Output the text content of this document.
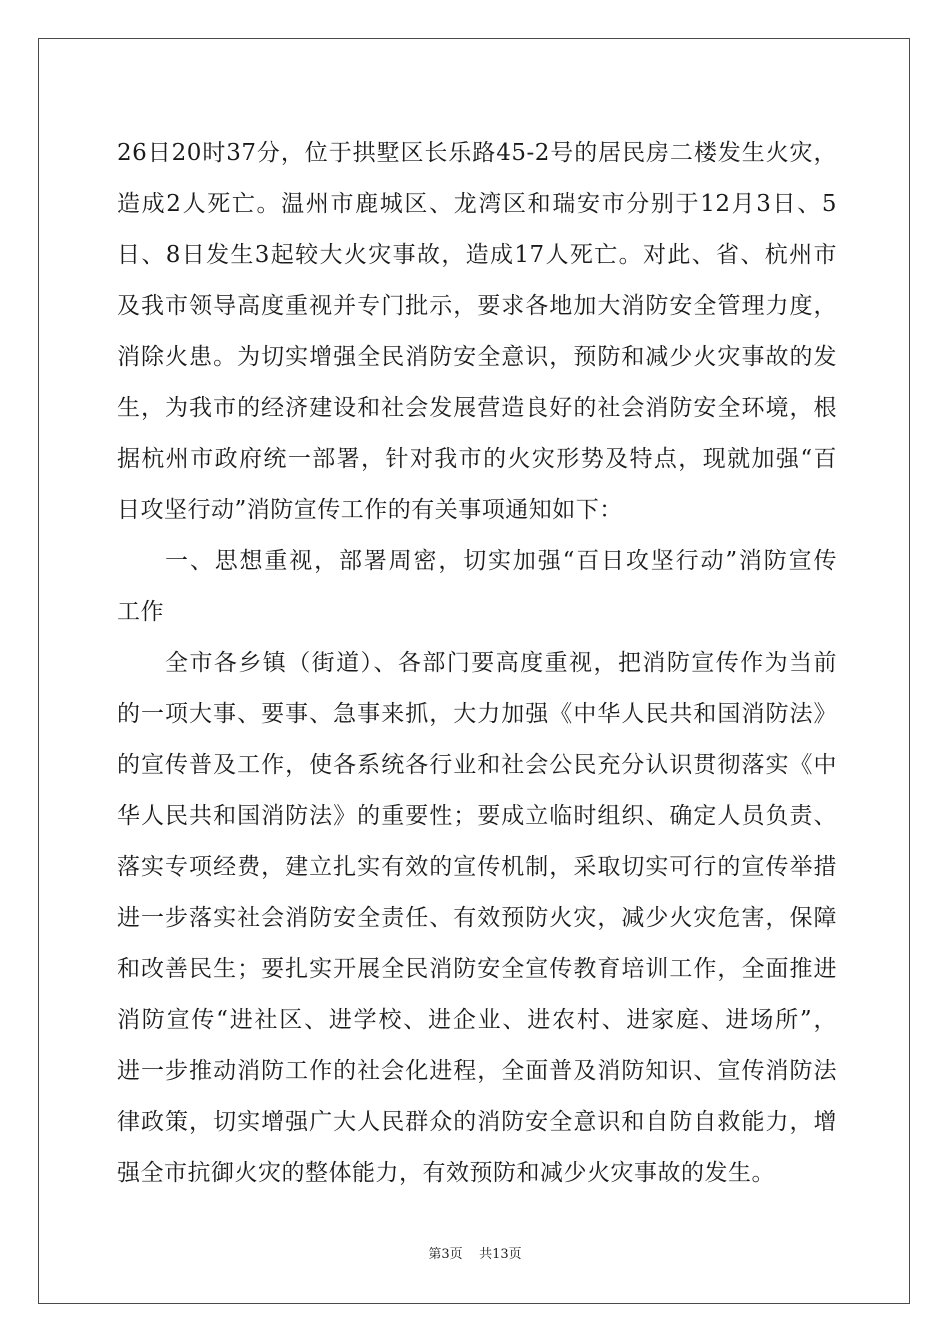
26日20时37分，位于拱墅区长乐路45-2号的居民房二楼发生火灾，
造成2人死亡。温州市鹿城区、龙湾区和瑞安市分别于12月3日、5
日、8日发生3起较大火灾事故，造成17人死亡。对此、省、杭州市
及我市领导高度重视并专门批示，要求各地加大消防安全管理力度，
消除火患。为切实增强全民消防安全意识，预防和减少火灾事故的发
生，为我市的经济建设和社会发展营造良好的社会消防安全环境，根
据杭州市政府统一部署，针对我市的火灾形势及特点，现就加强“百
日攻坚行动”消防宣传工作的有关事项通知如下：
一、思想重视，部署周密，切实加强“百日攻坚行动”消防宣传
工作
全市各乡镇（街道）、各部门要高度重视，把消防宣传作为当前
的一项大事、要事、急事来抓，大力加强《中华人民共和国消防法》
的宣传普及工作，使各系统各行业和社会公民充分认识贯彻落实《中
华人民共和国消防法》的重要性；要成立临时组织、确定人员负责、
落实专项经费，建立扎实有效的宣传机制，采取切实可行的宣传举措
进一步落实社会消防安全责任、有效预防火灾，减少火灾危害，保障
和改善民生；要扎实开展全民消防安全宣传教育培训工作，全面推进
消防宣传“进社区、进学校、进企业、进农村、进家庭、进场所”，
进一步推动消防工作的社会化进程，全面普及消防知识、宣传消防法
律政策，切实增强广大人民群众的消防安全意识和自防自救能力，增
强全市抗御火灾的整体能力，有效预防和减少火灾事故的发生。
第3页    共13页
